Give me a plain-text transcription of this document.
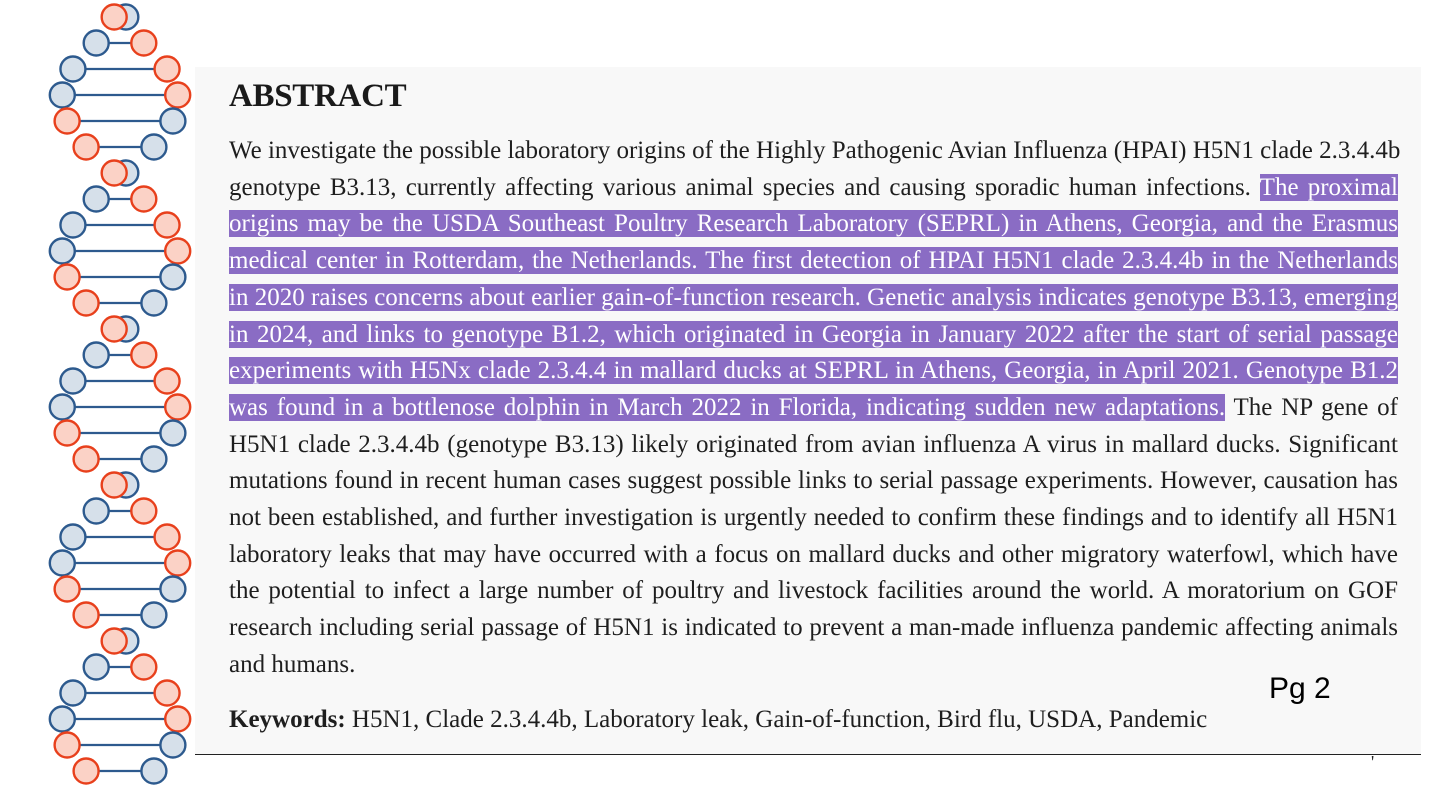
ABSTRACT
We investigate the possible laboratory origins of the Highly Pathogenic Avian Influenza (HPAI) H5N1 clade 2.3.4.4b
genotype B3.13, currently affecting various animal species and causing sporadic human infections. The proximal
origins may be the USDA Southeast Poultry Research Laboratory (SEPRL) in Athens, Georgia, and the Erasmus
medical center in Rotterdam, the Netherlands. The first detection of HPAI H5N1 clade 2.3.4.4b in the Netherlands
in 2020 raises concerns about earlier gain-of-function research. Genetic analysis indicates genotype B3.13, emerging
in 2024, and links to genotype B1.2, which originated in Georgia in January 2022 after the start of serial passage
experiments with H5Nx clade 2.3.4.4 in mallard ducks at SEPRL in Athens, Georgia, in April 2021. Genotype B1.2
was found in a bottlenose dolphin in March 2022 in Florida, indicating sudden new adaptations. The NP gene of
H5N1 clade 2.3.4.4b (genotype B3.13) likely originated from avian influenza A virus in mallard ducks. Significant
mutations found in recent human cases suggest possible links to serial passage experiments. However, causation has
not been established, and further investigation is urgently needed to confirm these findings and to identify all H5N1
laboratory leaks that may have occurred with a focus on mallard ducks and other migratory waterfowl, which have
the potential to infect a large number of poultry and livestock facilities around the world. A moratorium on GOF
research including serial passage of H5N1 is indicated to prevent a man-made influenza pandemic affecting animals
and humans.
Keywords: H5N1, Clade 2.3.4.4b, Laboratory leak, Gain-of-function, Bird flu, USDA, Pandemic
Pg 2
'
